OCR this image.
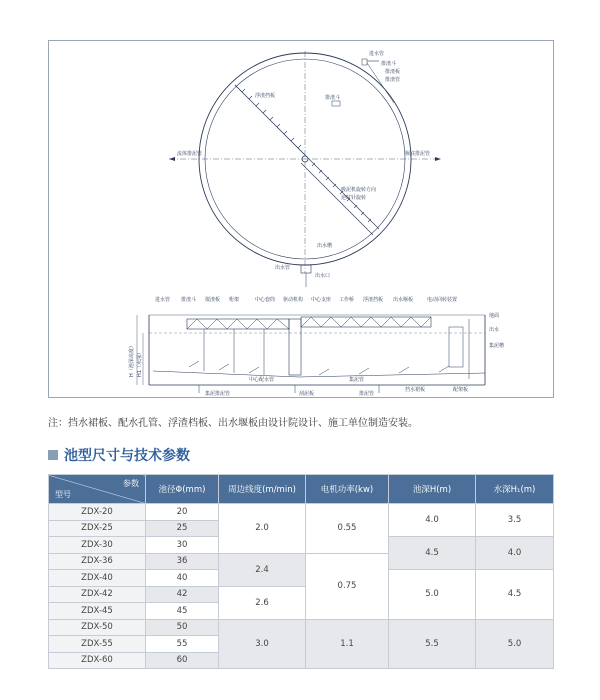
进水管
排渣斗
排渣板
排渣管
排渣斗
浮渣挡板
流体排泥管	堰底排泥管
吸泥机旋转方向
逆时针旋转
出水槽
出水管
出水口
进水管 排渣斗 搅渣板 桁架	中心套筒 驱动机构 中心支座 工作桥 浮渣挡板 出水堰板	电动回转装置
地面
出水
集泥槽
挡水裙板	配架板
集泥排泥管
中心配水管
刮泥板
集泥管
排泥管
H（池深高度） H1（水深）
注：挡水裙板、配水孔管、浮渣档板、出水堰板由设计院设计、施工单位制造安装。
池型尺寸与技术参数
参数
型号	池径Φ(mm)	周边线度(m/min)	电机功率(kw)	池深H(m)	水深H₁(m)
ZDX-20	20	2.0	0.55	4.0	3.5
ZDX-25	25				
ZDX-30	30			4.5	4.0
ZDX-36	36	2.4	0.75		
ZDX-40	40			5.0	4.5
ZDX-42	42	2.6			
ZDX-45	45				
ZDX-50	50	3.0	1.1	5.5	5.0
ZDX-55	55				
ZDX-60	60				
